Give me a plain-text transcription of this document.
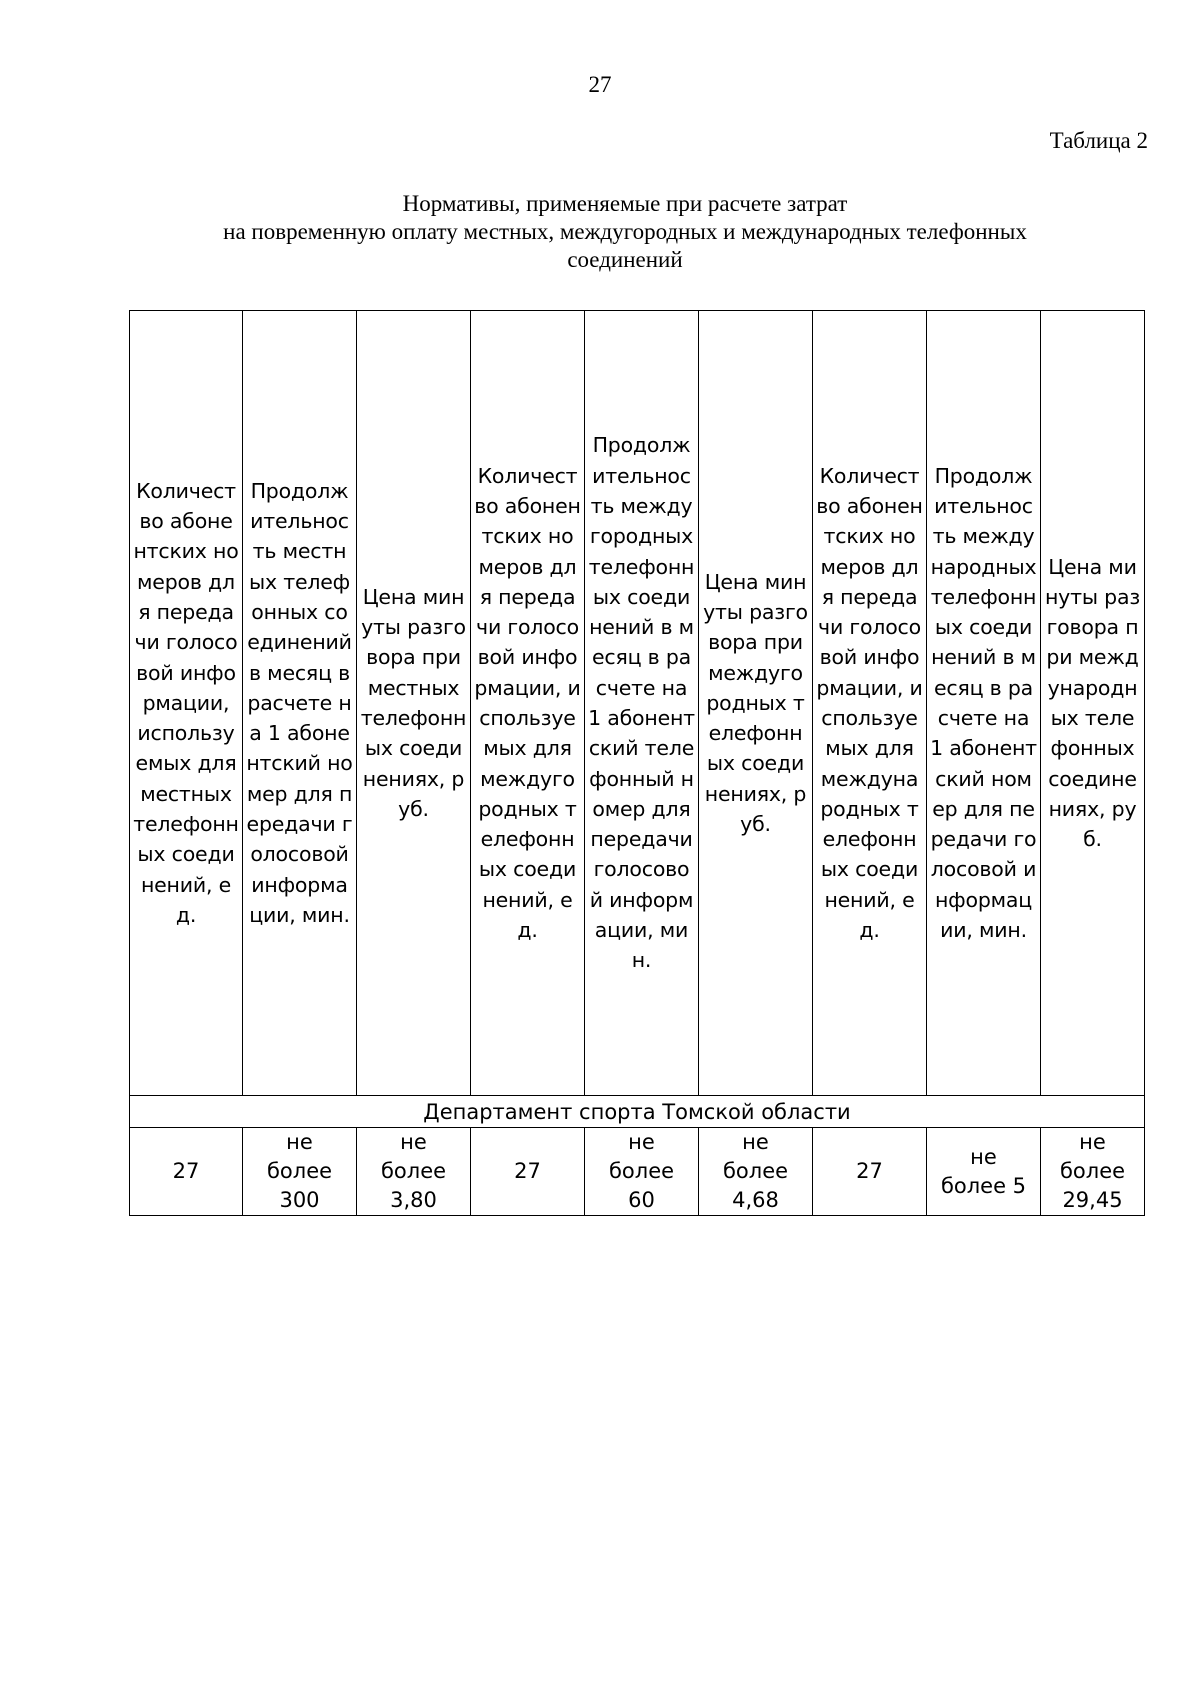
27
Таблица 2
Нормативы, применяемые при расчете затрат
на повременную оплату местных, междугородных и международных телефонных
соединений
Количество абонентских номеров для передачи голосовой информации, используемых для местных телефонных соединений, ед.	Продолжительность местных телефонных соединений в месяц в расчете на 1 абонентский номер для передачи голосовой информации, мин.	Цена минуты разговора при местных телефонных соединениях, руб.	Количество абонентских номеров для передачи голосовой информации, используемых для междугородных телефонных соединений, ед.	Продолжительность междугородных телефонных соединений в месяц в расчете на 1 абонентский телефонный номер для передачи голосовой информации, мин.	Цена минуты разговора при междугородных телефонных соединениях, руб.	Количество абонентских номеров для передачи голосовой информации, используемых для международных телефонных соединений, ед.	Продолжительность международных телефонных соединений в месяц в расчете на 1 абонентский номер для передачи голосовой информации, мин.	Цена минуты разговора при международных телефонных соединениях, руб.
Департамент спорта Томской области								

27	не
более
300	не
более
3,80	27	не
более
60	не
более
4,68	27	не
более 5	не
более
29,45
